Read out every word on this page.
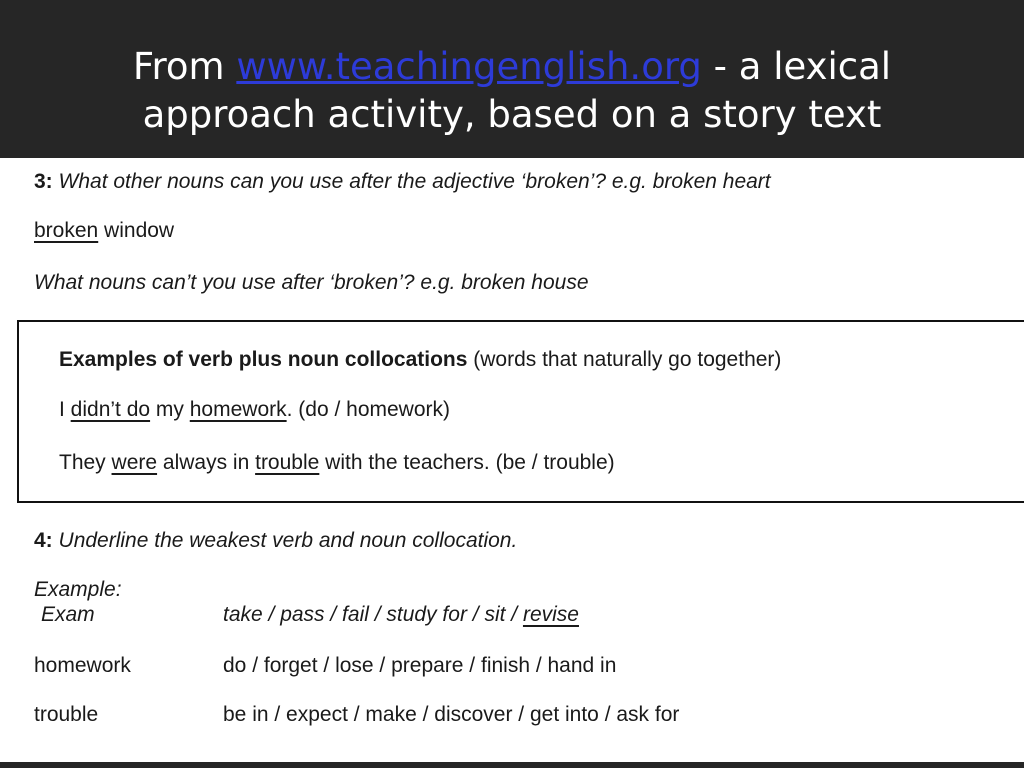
From www.teachingenglish.org - a lexical
approach activity, based on a story text
3: What other nouns can you use after the adjective ‘broken’? e.g. broken heart
broken window
What nouns can’t you use after ‘broken’? e.g. broken house
Examples of verb plus noun collocations (words that naturally go together)
I didn’t do my homework. (do / homework)
They were always in trouble with the teachers. (be / trouble)
4: Underline the weakest verb and noun collocation.
Example:
Exam	take / pass / fail / study for / sit / revise
homework	do / forget / lose / prepare / finish / hand in
trouble	be in / expect / make / discover / get into / ask for
